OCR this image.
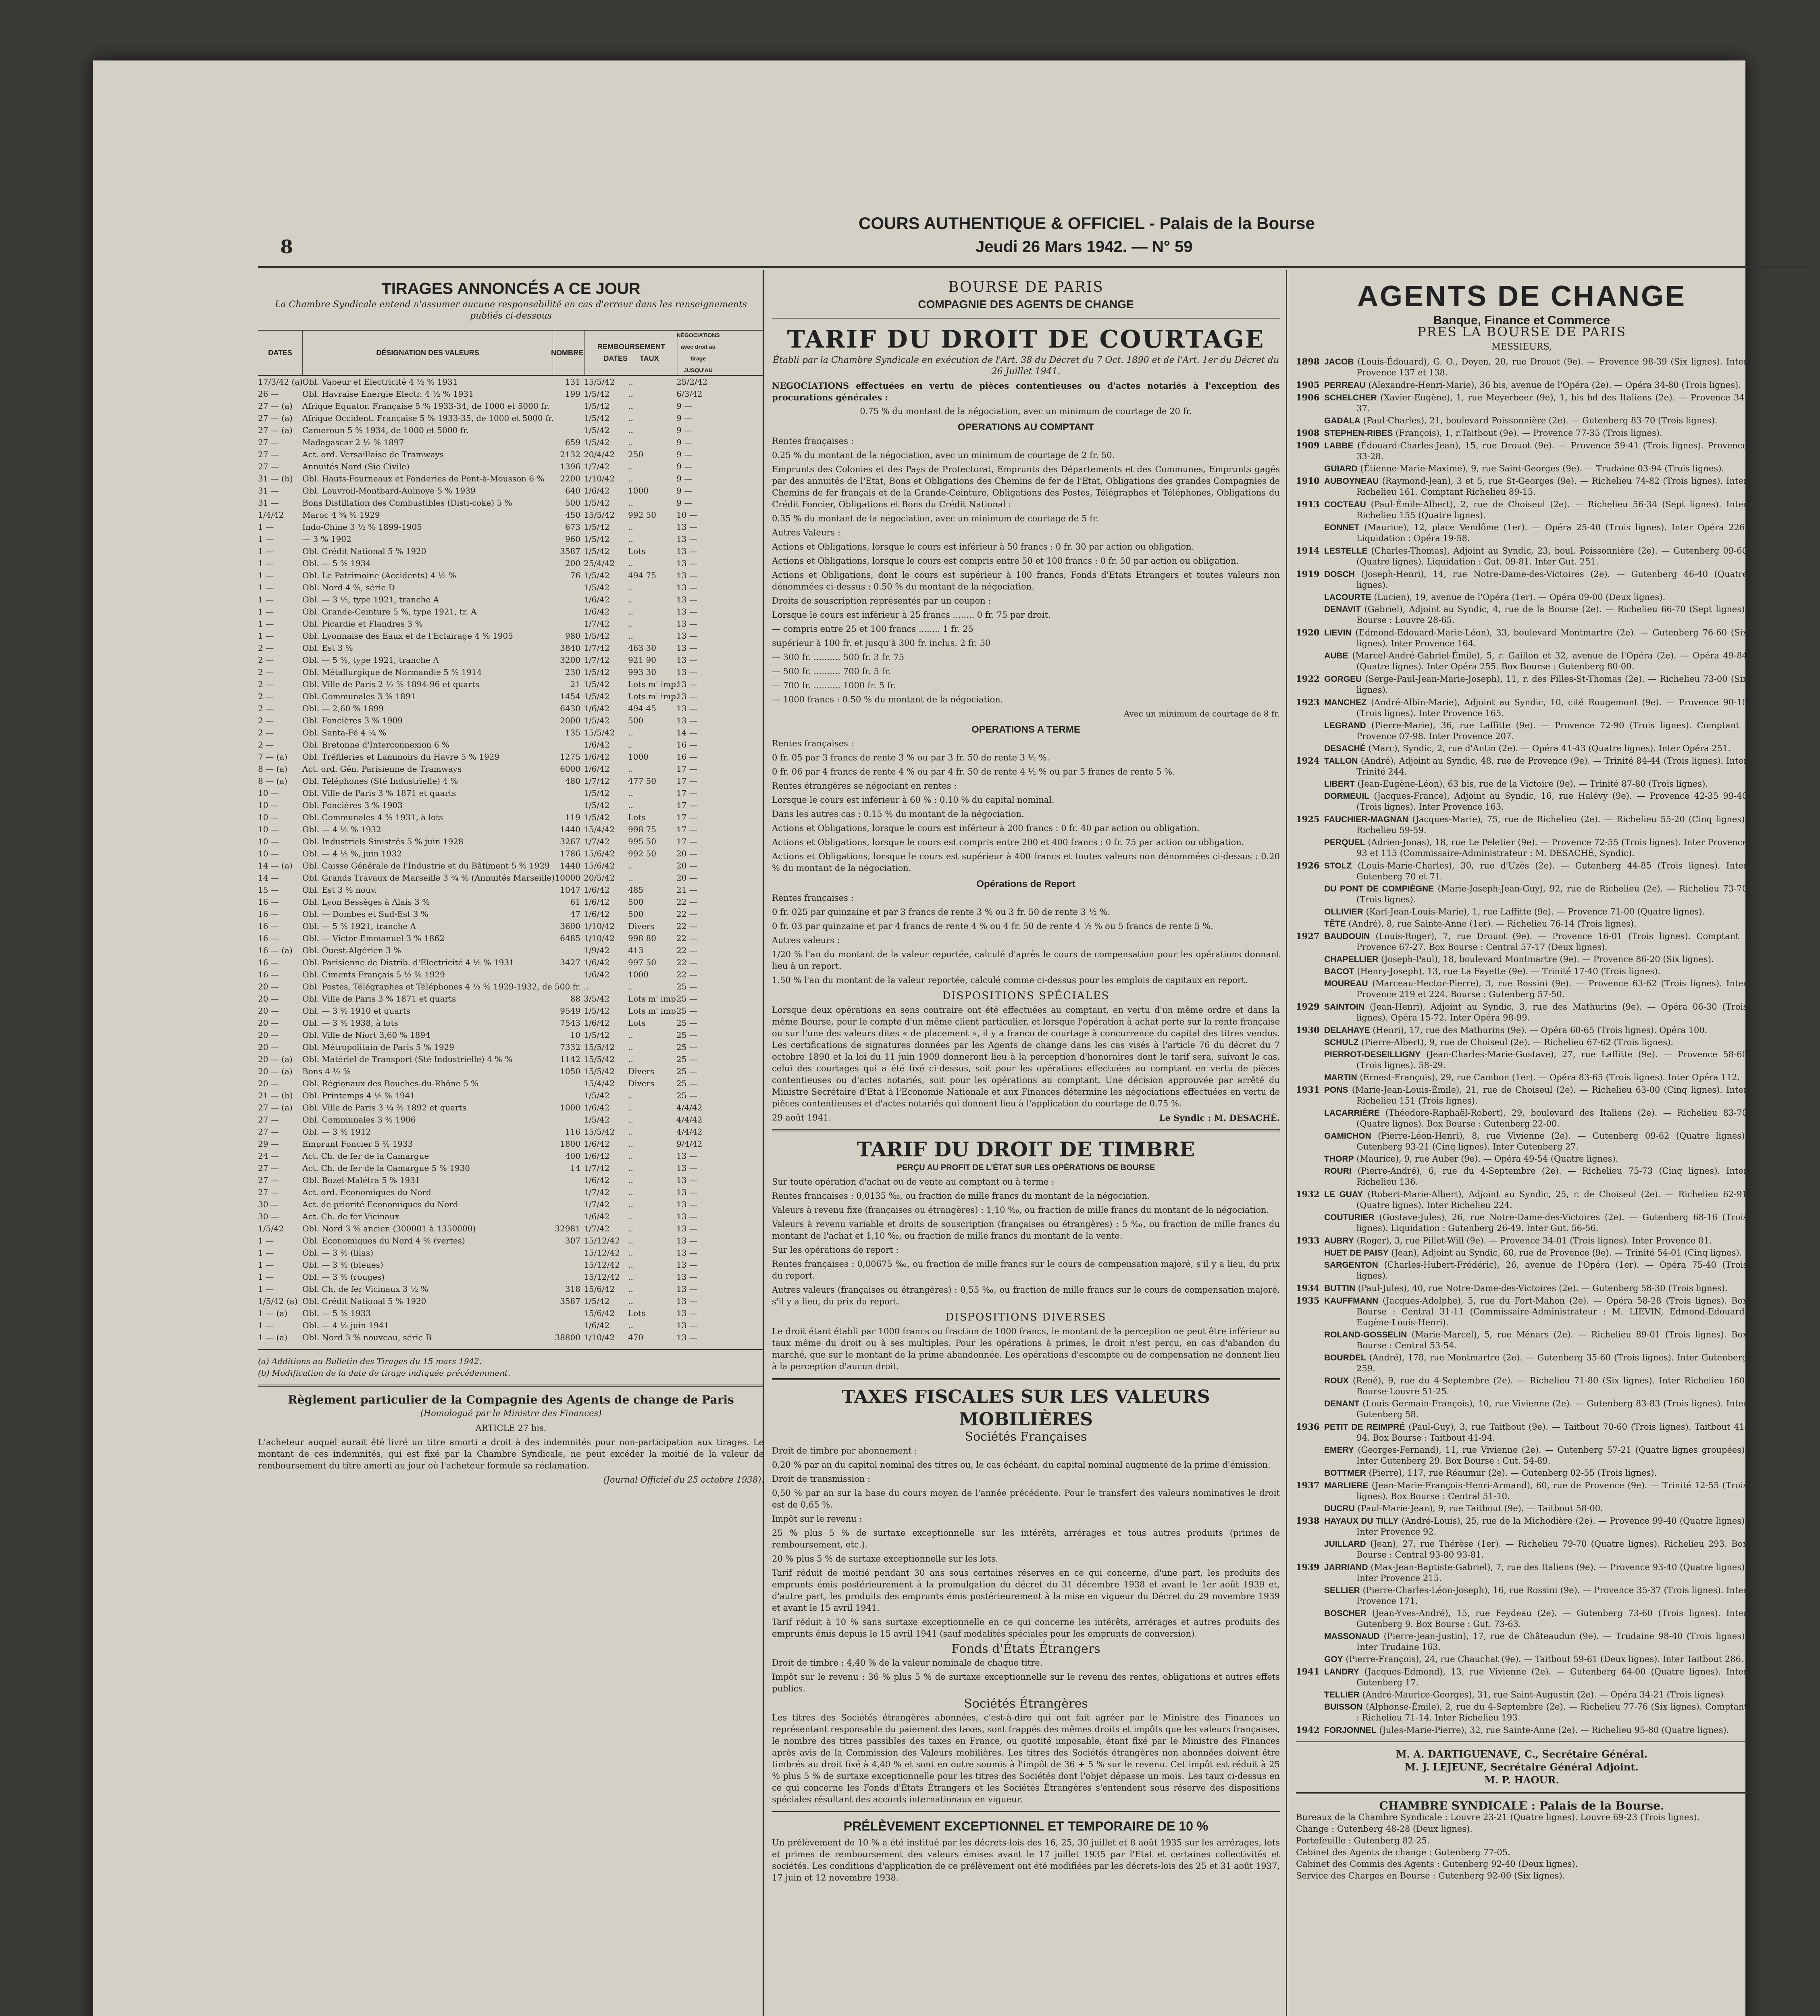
8
COURS AUTHENTIQUE & OFFICIEL - Palais de la Bourse
Jeudi 26 Mars 1942. — N° 59
TIRAGES ANNONCÉS A CE JOUR
La Chambre Syndicale entend n'assumer aucune responsabilité en cas d'erreur dans les renseignements publiés ci-dessous
DATES	DÉSIGNATION DES VALEURS	NOMBRE
REMBOURSEMENT
DATES TAUX
NÉGOCIATIONS avec droit au tirage JUSQU'AU
17/3/42 (a) Obl. Vapeur et Electricité 4 ½ % 1931	131 15/5/42	..	25/2/42
26 —	Obl. Havraise Energie Electr. 4 ½ % 1931	199 1/5/42	..	6/3/42
27 — (a)	Afrique Equator. Française 5 % 1933-34, de 1000 et 5000 fr.	1/5/42	..	9 —
27 — (a)	Afrique Occident. Française 5 % 1933-35, de 1000 et 5000 fr.	1/5/42	..	9 —
27 — (a)	Cameroun 5 % 1934, de 1000 et 5000 fr.	1/5/42	..	9 —
27 —	Madagascar 2 ½ % 1897	659 1/5/42	..	9 —
27 —	Act. ord. Versaillaise de Tramways	2132 20/4/42	250	9 —
27 —	Annuités Nord (Sie Civile)	1396 1/7/42	..	9 —
31 — (b)	Obl. Hauts-Fourneaux et Fonderies de Pont-à-Mousson 6 %	2200 1/10/42	..	9 —
31 —	Obl. Louvroil-Montbard-Aulnoye 5 % 1939	640 1/6/42	1000	9 —
31 —	Bons Distillation des Combustibles (Disti-coke) 5 %	500 1/5/42	..	9 —
1/4/42	Maroc 4 ¾ % 1929	450 15/5/42	992 50	10 —
1 —	Indo-Chine 3 ½ % 1899-1905	673 1/5/42	..	13 —
1 —	— 3 % 1902	960 1/5/42	..	13 —
1 —	Obl. Crédit National 5 % 1920	3587 1/5/42	Lots	13 —
1 —	Obl. — 5 % 1934	200 25/4/42	..	13 —
1 —	Obl. Le Patrimoine (Accidents) 4 ½ %	76 1/5/42	494 75	13 —
1 —	Obl. Nord 4 %, série D	1/5/42	..	13 —
1 —	Obl. — 3 ½, type 1921, tranche A	1/6/42	..	13 —
1 —	Obl. Grande-Ceinture 5 %, type 1921, tr. A	1/6/42	..	13 —
1 —	Obl. Picardie et Flandres 3 %	1/7/42	..	13 —
1 —	Obl. Lyonnaise des Eaux et de l'Eclairage 4 % 1905	980 1/5/42	..	13 —
2 —	Obl. Est 3 %	3840 1/7/42	463 30	13 —
2 —	Obl. — 5 %, type 1921, tranche A	3200 1/7/42	921 90	13 —
2 —	Obl. Métallurgique de Normandie 5 % 1914	230 1/5/42	993 30	13 —
2 —	Obl. Ville de Paris 2 ½ % 1894-96 et quarts	21 1/5/42	Lots m' imp.
13 —
2 —	Obl. Communales 3 % 1891	1454 1/5/42	Lots m' imp.
13 —
2 —	Obl. — 2,60 % 1899	6430 1/6/42	494 45	13 —
2 —	Obl. Foncières 3 % 1909	2000 1/5/42	500	13 —
2 —	Obl. Santa-Fé 4 ¼ %	135 15/5/42	..	14 —
2 —	Obl. Bretonne d'Interconnexion 6 %	1/6/42	..	16 —
7 — (a)	Obl. Tréfileries et Laminoirs du Havre 5 % 1929	1275 1/6/42	1000	16 —
8 — (a)	Act. ord. Gén. Parisienne de Tramways	6000 1/6/42	..	17 —
8 — (a)	Obl. Téléphones (Sté Industrielle) 4 %	480 1/7/42	477 50	17 —
10 —	Obl. Ville de Paris 3 % 1871 et quarts	1/5/42	..	17 —
10 —	Obl. Foncières 3 % 1903	1/5/42	..	17 —
10 —	Obl. Communales 4 % 1931, à lots	119 1/5/42	Lots	17 —
10 —	Obl. — 4 ½ % 1932	1440 15/4/42	998 75	17 —
10 —	Obl. Industriels Sinistrés 5 % juin 1928	3267 1/7/42	995 50	17 —
10 —	Obl. — 4 ½ %, juin 1932	1786 15/6/42	992 50	20 —
14 — (a)	Obl. Caisse Générale de l'Industrie et du Bâtiment 5 % 1929	1440 15/6/42	..	20 —
14 —	Obl. Grands Travaux de Marseille 3 ¾ % (Annuités Marseille) 10000 20/5/42	..	20 —
15 —	Obl. Est 3 % nouv.	1047 1/6/42	485	21 —
16 —	Obl. Lyon Bessèges à Alais 3 %	61 1/6/42	500	22 —
16 —	Obl. — Dombes et Sud-Est 3 %	47 1/6/42	500	22 —
16 —	Obl. — 5 % 1921, tranche A	3600 1/10/42	Divers	22 —
16 —	Obl. — Victor-Emmanuel 3 % 1862	6485 1/10/42	998 80	22 —
16 — (a)	Obl. Ouest-Algérien 3 %	1/9/42	413	22 —
16 —	Obl. Parisienne de Distrib. d'Electricité 4 ½ % 1931	3427 1/6/42	997 50	22 —
16 —	Obl. Ciments Français 5 ½ % 1929	1/6/42	1000	22 —
20 —	Obl. Postes, Télégraphes et Téléphones 4 ½ % 1929-1932, de 500 fr. ..	..	25 —
20 —	Obl. Ville de Paris 3 % 1871 et quarts	88 3/5/42	Lots m' imp.
25 —
20 —	Obl. — 3 % 1910 et quarts	9549 1/5/42	Lots m' imp.
25 —
20 —	Obl. — 3 % 1938, à lots	7543 1/6/42	Lots	25 —
20 —	Obl. Ville de Niort 3,60 % 1894	10 1/5/42	..	25 —
20 —	Obl. Métropolitain de Paris 5 % 1929	7332 15/5/42	..	25 —
20 — (a)	Obl. Matériel de Transport (Sté Industrielle) 4 % %	1142 15/5/42	..	25 —
20 — (a)	Bons 4 ½ %	1050 15/5/42	Divers	25 —
20 —	Obl. Régionaux des Bouches-du-Rhône 5 %	15/4/42	Divers	25 —
21 — (b)	Obl. Printemps 4 ½ % 1941	1/5/42	..	25 —
27 — (a)	Obl. Ville de Paris 3 ¼ % 1892 et quarts	1000 1/6/42	..	4/4/42
27 —	Obl. Communales 3 % 1906	1/5/42	..	4/4/42
27 —	Obl. — 3 % 1912	116 15/5/42	..	4/4/42
29 —	Emprunt Foncier 5 % 1933	1800 1/6/42	..	9/4/42
24 —	Act. Ch. de fer de la Camargue	400 1/6/42	..	13 —
27 —	Act. Ch. de fer de la Camargue 5 % 1930	14 1/7/42	..	13 —
27 —	Obl. Bozel-Malétra 5 % 1931	1/6/42	..	13 —
27 —	Act. ord. Economiques du Nord	1/7/42	..	13 —
30 —	Act. de priorité Economiques du Nord	1/7/42	..	13 —
30 —	Act. Ch. de fer Vicinaux	1/6/42	..	13 —
1/5/42	Obl. Nord 3 % ancien (300001 à 1350000)	32981 1/7/42	..	13 —
1 —	Obl. Economiques du Nord 4 % (vertes)	307 15/12/42	..	13 —
1 —	Obl. — 3 % (lilas)	15/12/42	..	13 —
1 —	Obl. — 3 % (bleues)	15/12/42	..	13 —
1 —	Obl. — 3 % (rouges)	15/12/42	..	13 —
1 —	Obl. Ch. de fer Vicinaux 3 ½ %	318 15/6/42	..	13 —
1/5/42 (a) Obl. Crédit National 5 % 1920	3587 1/5/42	..	13 —
1 — (a)	Obl. — 5 % 1933	15/6/42	Lots	13 —
1 —	Obl. — 4 ½ juin 1941	1/6/42	..	13 —
1 — (a)	Obl. Nord 3 % nouveau, série B	38800 1/10/42	470	13 —
(a) Additions au Bulletin des Tirages du 15 mars 1942.
(b) Modification de la date de tirage indiquée précédemment.
Règlement particulier de la Compagnie des Agents de change de Paris
(Homologué par le Ministre des Finances)
ARTICLE 27 bis.

L'acheteur auquel aurait été livré un titre amorti a droit à des indemnités pour non-participation aux tirages. Le montant de ces indemnités, qui est fixé par la Chambre Syndicale, ne peut excéder la moitié de la valeur de remboursement du titre amorti au jour où l'acheteur formule sa réclamation.

(Journal Officiel du 25 octobre 1938).
BOURSE DE PARIS
COMPAGNIE DES AGENTS DE CHANGE
TARIF DU DROIT DE COURTAGE
Établi par la Chambre Syndicale en exécution de l'Art. 38 du Décret du 7 Oct. 1890 et de l'Art. 1er du Décret du 26 Juillet 1941.

NEGOCIATIONS effectuées en vertu de pièces contentieuses ou d'actes notariés à l'exception des procurations générales :

0.75 % du montant de la négociation, avec un minimum de courtage de 20 fr.

OPERATIONS AU COMPTANT

Rentes françaises :

0.25 % du montant de la négociation, avec un minimum de courtage de 2 fr. 50.

Emprunts des Colonies et des Pays de Protectorat, Emprunts des Départements et des Communes, Emprunts gagés par des annuités de l'Etat, Bons et Obligations des Chemins de fer de l'Etat, Obligations des grandes Compagnies de Chemins de fer français et de la Grande-Ceinture, Obligations des Postes, Télégraphes et Téléphones, Obligations du Crédit Foncier, Obligations et Bons du Crédit National :

0.35 % du montant de la négociation, avec un minimum de courtage de 5 fr.

Autres Valeurs :

Actions et Obligations, lorsque le cours est inférieur à 50 francs : 0 fr. 30 par action ou obligation.

Actions et Obligations, lorsque le cours est compris entre 50 et 100 francs : 0 fr. 50 par action ou obligation.

Actions et Obligations, dont le cours est supérieur à 100 francs, Fonds d'Etats Etrangers et toutes valeurs non dénommées ci-dessus : 0.50 % du montant de la négociation.

Droits de souscription représentés par un coupon :

Lorsque le cours est inférieur à 25 francs ........ 0 fr. 75 par droit.

— compris entre 25 et 100 francs ........ 1 fr. 25

supérieur à 100 fr. et jusqu'à 300 fr. inclus. 2 fr. 50

— 300 fr. .......... 500 fr. 3 fr. 75

— 500 fr. .......... 700 fr. 5 fr.

— 700 fr. .......... 1000 fr. 5 fr.

— 1000 francs : 0.50 % du montant de la négociation.

Avec un minimum de courtage de 8 fr.
OPERATIONS A TERME

Rentes françaises :

0 fr. 05 par 3 francs de rente 3 % ou par 3 fr. 50 de rente 3 ½ %.

0 fr. 06 par 4 francs de rente 4 % ou par 4 fr. 50 de rente 4 ½ % ou par 5 francs de rente 5 %.

Rentes étrangères se négociant en rentes :

Lorsque le cours est inférieur à 60 % : 0.10 % du capital nominal.

Dans les autres cas : 0.15 % du montant de la négociation.

Actions et Obligations, lorsque le cours est inférieur à 200 francs : 0 fr. 40 par action ou obligation.

Actions et Obligations, lorsque le cours est compris entre 200 et 400 francs : 0 fr. 75 par action ou obligation.

Actions et Obligations, lorsque le cours est supérieur à 400 francs et toutes valeurs non dénommées ci-dessus : 0.20 % du montant de la négociation.

Opérations de Report

Rentes françaises :

0 fr. 025 par quinzaine et par 3 francs de rente 3 % ou 3 fr. 50 de rente 3 ½ %.

0 fr. 03 par quinzaine et par 4 francs de rente 4 % ou 4 fr. 50 de rente 4 ½ % ou 5 francs de rente 5 %.

Autres valeurs :

1/20 % l'an du montant de la valeur reportée, calculé d'après le cours de compensation pour les opérations donnant lieu à un report.

1.50 % l'an du montant de la valeur reportée, calculé comme ci-dessus pour les emplois de capitaux en report.

DISPOSITIONS SPÉCIALES

Lorsque deux opérations en sens contraire ont été effectuées au comptant, en vertu d'un même ordre et dans la même Bourse, pour le compte d'un même client particulier, et lorsque l'opération à achat porte sur la rente française ou sur l'une des valeurs dites « de placement », il y a franco de courtage à concurrence du capital des titres vendus. Les certifications de signatures données par les Agents de change dans les cas visés à l'article 76 du décret du 7 octobre 1890 et la loi du 11 juin 1909 donneront lieu à la perception d'honoraires dont le tarif sera, suivant le cas, celui des courtages qui a été fixé ci-dessus, soit pour les opérations effectuées au comptant en vertu de pièces contentieuses ou d'actes notariés, soit pour les opérations au comptant. Une décision approuvée par arrêté du Ministre Secrétaire d'Etat à l'Economie Nationale et aux Finances détermine les négociations effectuées en vertu de pièces contentieuses et d'actes notariés qui donnent lieu à l'application du courtage de 0.75 %.

29 août 1941.	Le Syndic : M. DESACHÉ.
TARIF DU DROIT DE TIMBRE
PERÇU AU PROFIT DE L'ÉTAT SUR LES OPÉRATIONS DE BOURSE

Sur toute opération d'achat ou de vente au comptant ou à terme :

Rentes françaises : 0,0135 ‰, ou fraction de mille francs du montant de la négociation.

Valeurs à revenu fixe (françaises ou étrangères) : 1,10 ‰, ou fraction de mille francs du montant de la négociation.

Valeurs à revenu variable et droits de souscription (françaises ou étrangères) : 5 ‰, ou fraction de mille francs du montant de l'achat et 1,10 ‰, ou fraction de mille francs du montant de la vente.

Sur les opérations de report :

Rentes françaises : 0,00675 ‰, ou fraction de mille francs sur le cours de compensation majoré, s'il y a lieu, du prix du report.

Autres valeurs (françaises ou étrangères) : 0,55 ‰, ou fraction de mille francs sur le cours de compensation majoré, s'il y a lieu, du prix du report.

DISPOSITIONS DIVERSES

Le droit étant établi par 1000 francs ou fraction de 1000 francs, le montant de la perception ne peut être inférieur au taux même du droit ou à ses multiples. Pour les opérations à primes, le droit n'est perçu, en cas d'abandon du marché, que sur le montant de la prime abandonnée. Les opérations d'escompte ou de compensation ne donnent lieu à la perception d'aucun droit.

TAXES FISCALES SUR LES VALEURS MOBILIÈRES
Sociétés Françaises

Droit de timbre par abonnement :

0,20 % par an du capital nominal des titres ou, le cas échéant, du capital nominal augmenté de la prime d'émission.

Droit de transmission :

0,50 % par an sur la base du cours moyen de l'année précédente. Pour le transfert des valeurs nominatives le droit est de 0,65 %.

Impôt sur le revenu :

25 % plus 5 % de surtaxe exceptionnelle sur les intérêts, arrérages et tous autres produits (primes de remboursement, etc.).

20 % plus 5 % de surtaxe exceptionnelle sur les lots.

Tarif réduit de moitié pendant 30 ans sous certaines réserves en ce qui concerne, d'une part, les produits des emprunts émis postérieurement à la promulgation du décret du 31 décembre 1938 et avant le 1er août 1939 et, d'autre part, les produits des emprunts émis postérieurement à la mise en vigueur du Décret du 29 novembre 1939 et avant le 15 avril 1941.

Tarif réduit à 10 % sans surtaxe exceptionnelle en ce qui concerne les intérêts, arrérages et autres produits des emprunts émis depuis le 15 avril 1941 (sauf modalités spéciales pour les emprunts de conversion).

Fonds d'États Étrangers

Droit de timbre : 4,40 % de la valeur nominale de chaque titre.

Impôt sur le revenu : 36 % plus 5 % de surtaxe exceptionnelle sur le revenu des rentes, obligations et autres effets publics.

Sociétés Étrangères

Les titres des Sociétés étrangères abonnées, c'est-à-dire qui ont fait agréer par le Ministre des Finances un représentant responsable du paiement des taxes, sont frappés des mêmes droits et impôts que les valeurs françaises, le nombre des titres passibles des taxes en France, ou quotité imposable, étant fixé par le Ministre des Finances après avis de la Commission des Valeurs mobilières. Les titres des Sociétés étrangères non abonnées doivent être timbrés au droit fixé à 4,40 % et sont en outre soumis à l'impôt de 36 + 5 % sur le revenu. Cet impôt est réduit à 25 % plus 5 % de surtaxe exceptionnelle pour les titres des Sociétés dont l'objet dépasse un mois. Les taux ci-dessus en ce qui concerne les Fonds d'États Étrangers et les Sociétés Étrangères s'entendent sous réserve des dispositions spéciales résultant des accords internationaux en vigueur.

PRÉLÈVEMENT EXCEPTIONNEL ET TEMPORAIRE DE 10 %

Un prélèvement de 10 % a été institué par les décrets-lois des 16, 25, 30 juillet et 8 août 1935 sur les arrérages, lots et primes de remboursement des valeurs émises avant le 17 juillet 1935 par l'Etat et certaines collectivités et sociétés. Les conditions d'application de ce prélèvement ont été modifiées par les décrets-lois des 25 et 31 août 1937, 17 juin et 12 novembre 1938.

AGENTS DE CHANGE
Banque, Finance et Commerce
PRES LA BOURSE DE PARIS
MESSIEURS,

1898 JACOB (Louis-Édouard), G. O., Doyen, 20, rue Drouot (9e). — Provence 98-39 (Six lignes). Inter Provence 137 et 138.

1905 PERREAU (Alexandre-Henri-Marie), 36 bis, avenue de l'Opéra (2e). — Opéra 34-80 (Trois lignes).

1906 SCHELCHER (Xavier-Eugène), 1, rue Meyerbeer (9e), 1, bis bd des Italiens (2e). — Provence 34-37.

GADALA (Paul-Charles), 21, boulevard Poissonnière (2e). — Gutenberg 83-70 (Trois lignes).

1908 STEPHEN-RIBES (François), 1, r.Taitbout (9e). — Provence 77-35 (Trois lignes).

1909 LABBE (Édouard-Charles-Jean), 15, rue Drouot (9e). — Provence 59-41 (Trois lignes). Provence 33-28.

GUIARD (Étienne-Marie-Maxime), 9, rue Saint-Georges (9e). — Trudaine 03-94 (Trois lignes).

1910 AUBOYNEAU (Raymond-Jean), 3 et 5, rue St-Georges (9e). — Richelieu 74-82 (Trois lignes). Inter Richelieu 161. Comptant Richelieu 89-15.

1913 COCTEAU (Paul-Émile-Albert), 2, rue de Choiseul (2e). — Richelieu 56-34 (Sept lignes). Inter Richelieu 155 (Quatre lignes).

EONNET (Maurice), 12, place Vendôme (1er). — Opéra 25-40 (Trois lignes). Inter Opéra 226. Liquidation : Opéra 19-58.

1914 LESTELLE (Charles-Thomas), Adjoint au Syndic, 23, boul. Poissonnière (2e). — Gutenberg 09-60 (Quatre lignes). Liquidation : Gut. 09-81. Inter Gut. 251.

1919 DOSCH (Joseph-Henri), 14, rue Notre-Dame-des-Victoires (2e). — Gutenberg 46-40 (Quatre lignes).

LACOURTE (Lucien), 19, avenue de l'Opéra (1er). — Opéra 09-00 (Deux lignes).

DENAVIT (Gabriel), Adjoint au Syndic, 4, rue de la Bourse (2e). — Richelieu 66-70 (Sept lignes). Bourse : Louvre 28-65.

1920 LIEVIN (Edmond-Edouard-Marie-Léon), 33, boulevard Montmartre (2e). — Gutenberg 76-60 (Six lignes). Inter Provence 164.

AUBE (Marcel-André-Gabriel-Émile), 5, r. Gaillon et 32, avenue de l'Opéra (2e). — Opéra 49-84 (Quatre lignes). Inter Opéra 255. Box Bourse : Gutenberg 80-00.

1922 GORGEU (Serge-Paul-Jean-Marie-Joseph), 11, r. des Filles-St-Thomas (2e). — Richelieu 73-00 (Six lignes).

1923 MANCHEZ (André-Albin-Marie), Adjoint au Syndic, 10, cité Rougemont (9e). — Provence 90-10 (Trois lignes). Inter Provence 165.

LEGRAND (Pierre-Marie), 36, rue Laffitte (9e). — Provence 72-90 (Trois lignes). Comptant : Provence 07-98. Inter Provence 207.

DESACHÉ (Marc), Syndic, 2, rue d'Antin (2e). — Opéra 41-43 (Quatre lignes). Inter Opéra 251.

1924 TALLON (André), Adjoint au Syndic, 48, rue de Provence (9e). — Trinité 84-44 (Trois lignes). Inter Trinité 244.

LIBERT (Jean-Eugène-Léon), 63 bis, rue de la Victoire (9e). — Trinité 87-80 (Trois lignes).

DORMEUIL (Jacques-France), Adjoint au Syndic, 16, rue Halévy (9e). — Provence 42-35 99-40 (Trois lignes). Inter Provence 163.

1925 FAUCHIER-MAGNAN (Jacques-Marie), 75, rue de Richelieu (2e). — Richelieu 55-20 (Cinq lignes). Richelieu 59-59.

PERQUEL (Adrien-Jonas), 18, rue Le Peletier (9e). — Provence 72-55 (Trois lignes). Inter Provence 93 et 115 (Commissaire-Administrateur : M. DESACHÉ, Syndic).

1926 STOLZ (Louis-Marie-Charles), 30, rue d'Uzès (2e). — Gutenberg 44-85 (Trois lignes). Inter Gutenberg 70 et 71.

DU PONT DE COMPIÈGNE (Marie-Joseph-Jean-Guy), 92, rue de Richelieu (2e). — Richelieu 73-70 (Trois lignes).

OLLIVIER (Karl-Jean-Louis-Marie), 1, rue Laffitte (9e). — Provence 71-00 (Quatre lignes).

TÊTE (André), 8, rue Sainte-Anne (1er). — Richelieu 76-14 (Trois lignes).

1927 BAUDOUIN (Louis-Roger), 7, rue Drouot (9e). — Provence 16-01 (Trois lignes). Comptant : Provence 67-27. Box Bourse : Central 57-17 (Deux lignes).

CHAPELLIER (Joseph-Paul), 18, boulevard Montmartre (9e). — Provence 86-20 (Six lignes).

BACOT (Henry-Joseph), 13, rue La Fayette (9e). — Trinité 17-40 (Trois lignes).

MOUREAU (Marceau-Hector-Pierre), 3, rue Rossini (9e). — Provence 63-62 (Trois lignes). Inter Provence 219 et 224. Bourse : Gutenberg 57-50.

1929 SAINTOIN (Jean-Henri), Adjoint au Syndic, 3, rue des Mathurins (9e). — Opéra 06-30 (Trois lignes). Opéra 15-72. Inter Opéra 98-99.

1930 DELAHAYE (Henri), 17, rue des Mathurins (9e). — Opéra 60-65 (Trois lignes). Opéra 100.

SCHULZ (Pierre-Albert), 9, rue de Choiseul (2e). — Richelieu 67-62 (Trois lignes).

PIERROT-DESEILLIGNY (Jean-Charles-Marie-Gustave), 27, rue Laffitte (9e). — Provence 58-60 (Trois lignes). 58-29.

MARTIN (Ernest-François), 29, rue Cambon (1er). — Opéra 83-65 (Trois lignes). Inter Opéra 112.

1931 PONS (Marie-Jean-Louis-Émile), 21, rue de Choiseul (2e). — Richelieu 63-00 (Cinq lignes). Inter Richelieu 151 (Trois lignes).

LACARRIÈRE (Théodore-Raphaël-Robert), 29, boulevard des Italiens (2e). — Richelieu 83-70 (Quatre lignes). Box Bourse : Gutenberg 22-00.

GAMICHON (Pierre-Léon-Henri), 8, rue Vivienne (2e). — Gutenberg 09-62 (Quatre lignes). Gutenberg 93-21 (Cinq lignes). Inter Gutenberg 27.

THORP (Maurice), 9, rue Auber (9e). — Opéra 49-54 (Quatre lignes).

ROURI (Pierre-André), 6, rue du 4-Septembre (2e). — Richelieu 75-73 (Cinq lignes). Inter Richelieu 136.

1932 LE GUAY (Robert-Marie-Albert), Adjoint au Syndic, 25, r. de Choiseul (2e). — Richelieu 62-91 (Quatre lignes). Inter Richelieu 224.

COUTURIER (Gustave-Jules), 26, rue Notre-Dame-des-Victoires (2e). — Gutenberg 68-16 (Trois lignes). Liquidation : Gutenberg 26-49. Inter Gut. 56-56.

1933 AUBRY (Roger), 3, rue Pillet-Will (9e). — Provence 34-01 (Trois lignes). Inter Provence 81.

HUET DE PAISY (Jean), Adjoint au Syndic, 60, rue de Provence (9e). — Trinité 54-01 (Cinq lignes).

SARGENTON (Charles-Hubert-Frédéric), 26, avenue de l'Opéra (1er). — Opéra 75-40 (Trois lignes).

1934 BUTTIN (Paul-Jules), 40, rue Notre-Dame-des-Victoires (2e). — Gutenberg 58-30 (Trois lignes).

1935 KAUFFMANN (Jacques-Adolphe), 5, rue du Fort-Mahon (2e). — Opéra 58-28 (Trois lignes). Box Bourse : Central 31-11 (Commissaire-Administrateur : M. LIEVIN, Edmond-Edouard-Eugène-Louis-Henri).

ROLAND-GOSSELIN (Marie-Marcel), 5, rue Ménars (2e). — Richelieu 89-01 (Trois lignes). Box Bourse : Central 53-54.

BOURDEL (André), 178, rue Montmartre (2e). — Gutenberg 35-60 (Trois lignes). Inter Gutenberg 259.

ROUX (René), 9, rue du 4-Septembre (2e). — Richelieu 71-80 (Six lignes). Inter Richelieu 160. Bourse-Louvre 51-25.

DENANT (Louis-Germain-François), 10, rue Vivienne (2e). — Gutenberg 83-83 (Trois lignes). Inter Gutenberg 58.

1936 PETIT DE REIMPRÉ (Paul-Guy), 3, rue Taitbout (9e). — Taitbout 70-60 (Trois lignes). Taitbout 41-94. Box Bourse : Taitbout 41-94.

EMERY (Georges-Fernand), 11, rue Vivienne (2e). — Gutenberg 57-21 (Quatre lignes groupées). Inter Gutenberg 29. Box Bourse : Gut. 54-89.

BOTTMER (Pierre), 117, rue Réaumur (2e). — Gutenberg 02-55 (Trois lignes).

1937 MARLIERE (Jean-Marie-François-Henri-Armand), 60, rue de Provence (9e). — Trinité 12-55 (Trois lignes). Box Bourse : Central 51-10.

DUCRU (Paul-Marie-Jean), 9, rue Taitbout (9e). — Taitbout 58-00.

1938 HAYAUX DU TILLY (André-Louis), 25, rue de la Michodière (2e). — Provence 99-40 (Quatre lignes). Inter Provence 92.

JUILLARD (Jean), 27, rue Thérèse (1er). — Richelieu 79-70 (Quatre lignes). Richelieu 293. Box Bourse : Central 93-80 93-81.

1939 JARRIAND (Max-Jean-Baptiste-Gabriel), 7, rue des Italiens (9e). — Provence 93-40 (Quatre lignes). Inter Provence 215.

SELLIER (Pierre-Charles-Léon-Joseph), 16, rue Rossini (9e). — Provence 35-37 (Trois lignes). Inter Provence 171.

BOSCHER (Jean-Yves-André), 15, rue Feydeau (2e). — Gutenberg 73-60 (Trois lignes). Inter Gutenberg 9. Box Bourse : Gut. 73-63.

MASSONAUD (Pierre-Jean-Justin), 17, rue de Châteaudun (9e). — Trudaine 98-40 (Trois lignes). Inter Trudaine 163.

GOY (Pierre-François), 24, rue Chauchat (9e). — Taitbout 59-61 (Deux lignes). Inter Taitbout 286.

1941 LANDRY (Jacques-Edmond), 13, rue Vivienne (2e). — Gutenberg 64-00 (Quatre lignes). Inter Gutenberg 17.

TELLIER (André-Maurice-Georges), 31, rue Saint-Augustin (2e). — Opéra 34-21 (Trois lignes).

BUISSON (Alphonse-Émile), 2, rue du 4-Septembre (2e). — Richelieu 77-76 (Six lignes). Comptant : Richelieu 71-14. Inter Richelieu 193.

1942 FORJONNEL (Jules-Marie-Pierre), 32, rue Sainte-Anne (2e). — Richelieu 95-80 (Quatre lignes).

M. A. DARTIGUENAVE, C., Secrétaire Général.
M. J. LEJEUNE, Secrétaire Général Adjoint.
M. P. HAOUR.
CHAMBRE SYNDICALE : Palais de la Bourse.
Bureaux de la Chambre Syndicale : Louvre 23-21 (Quatre lignes). Louvre 69-23 (Trois lignes).
Change : Gutenberg 48-28 (Deux lignes).
Portefeuille : Gutenberg 82-25.
Cabinet des Agents de change : Gutenberg 77-05.
Cabinet des Commis des Agents : Gutenberg 92-40 (Deux lignes).
Service des Charges en Bourse : Gutenberg 92-00 (Six lignes).
